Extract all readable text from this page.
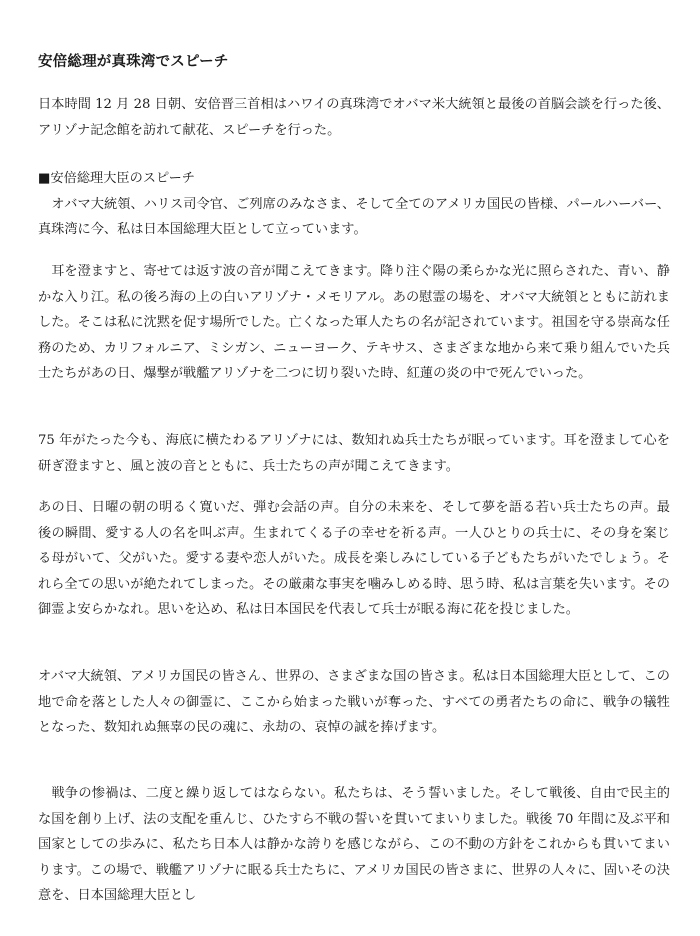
安倍総理が真珠湾でスピーチ
日本時間 12 月 28 日朝、安倍晋三首相はハワイの真珠湾でオバマ米大統領と最後の首脳会談を行った後、アリゾナ記念館を訪れて献花、スピーチを行った。
■安倍総理大臣のスピーチ
　オバマ大統領、ハリス司令官、ご列席のみなさま、そして全てのアメリカ国民の皆様、パールハーバー、真珠湾に今、私は日本国総理大臣として立っています。
　耳を澄ますと、寄せては返す波の音が聞こえてきます。降り注ぐ陽の柔らかな光に照らされた、青い、静かな入り江。私の後ろ海の上の白いアリゾナ・メモリアル。あの慰霊の場を、オバマ大統領とともに訪れました。そこは私に沈黙を促す場所でした。亡くなった軍人たちの名が記されています。祖国を守る崇高な任務のため、カリフォルニア、ミシガン、ニューヨーク、テキサス、さまざまな地から来て乗り組んでいた兵士たちがあの日、爆撃が戦艦アリゾナを二つに切り裂いた時、紅蓮の炎の中で死んでいった。
75 年がたった今も、海底に横たわるアリゾナには、数知れぬ兵士たちが眠っています。耳を澄まして心を研ぎ澄ますと、風と波の音とともに、兵士たちの声が聞こえてきます。
あの日、日曜の朝の明るく寛いだ、弾む会話の声。自分の未来を、そして夢を語る若い兵士たちの声。最後の瞬間、愛する人の名を叫ぶ声。生まれてくる子の幸せを祈る声。一人ひとりの兵士に、その身を案じる母がいて、父がいた。愛する妻や恋人がいた。成長を楽しみにしている子どもたちがいたでしょう。それら全ての思いが絶たれてしまった。その厳粛な事実を噛みしめる時、思う時、私は言葉を失います。その御霊よ安らかなれ。思いを込め、私は日本国民を代表して兵士が眠る海に花を投じました。
オバマ大統領、アメリカ国民の皆さん、世界の、さまざまな国の皆さま。私は日本国総理大臣として、この地で命を落とした人々の御霊に、ここから始まった戦いが奪った、すべての勇者たちの命に、戦争の犠牲となった、数知れぬ無辜の民の魂に、永劫の、哀悼の誠を捧げます。
　戦争の惨禍は、二度と繰り返してはならない。私たちは、そう誓いました。そして戦後、自由で民主的な国を創り上げ、法の支配を重んじ、ひたすら不戦の誓いを貫いてまいりました。戦後 70 年間に及ぶ平和国家としての歩みに、私たち日本人は静かな誇りを感じながら、この不動の方針をこれからも貫いてまいります。この場で、戦艦アリゾナに眠る兵士たちに、アメリカ国民の皆さまに、世界の人々に、固いその決意を、日本国総理大臣とし
